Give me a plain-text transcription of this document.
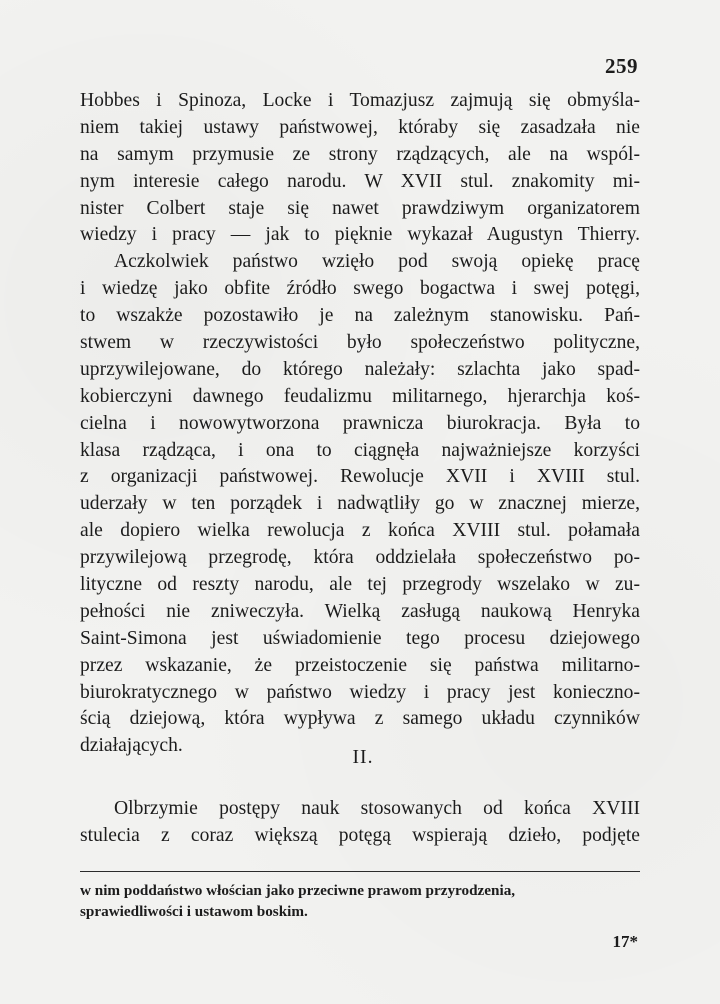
259
Hobbes i Spinoza, Locke i Tomazjusz zajmują się obmyśla-
niem takiej ustawy państwowej, któraby się zasadzała nie
na samym przymusie ze strony rządzących, ale na wspól-
nym interesie całego narodu. W XVII stul. znakomity mi-
nister Colbert staje się nawet prawdziwym organizatorem
wiedzy i pracy — jak to pięknie wykazał Augustyn Thierry.
Aczkolwiek państwo wzięło pod swoją opiekę pracę
i wiedzę jako obfite źródło swego bogactwa i swej potęgi,
to wszakże pozostawiło je na zależnym stanowisku. Pań-
stwem w rzeczywistości było społeczeństwo polityczne,
uprzywilejowane, do którego należały: szlachta jako spad-
kobierczyni dawnego feudalizmu militarnego, hjerarchja koś-
cielna i nowowytworzona prawnicza biurokracja. Była to
klasa rządząca, i ona to ciągnęła najważniejsze korzyści
z organizacji państwowej. Rewolucje XVII i XVIII stul.
uderzały w ten porządek i nadwątliły go w znacznej mierze,
ale dopiero wielka rewolucja z końca XVIII stul. połamała
przywilejową przegrodę, która oddzielała społeczeństwo po-
lityczne od reszty narodu, ale tej przegrody wszelako w zu-
pełności nie zniweczyła. Wielką zasługą naukową Henryka
Saint-Simona jest uświadomienie tego procesu dziejowego
przez wskazanie, że przeistoczenie się państwa militarno-
biurokratycznego w państwo wiedzy i pracy jest konieczno-
ścią dziejową, która wypływa z samego układu czynników
działających.
II.
Olbrzymie postępy nauk stosowanych od końca XVIII
stulecia z coraz większą potęgą wspierają dzieło, podjęte
w nim poddaństwo włościan jako przeciwne prawom przyrodzenia,
sprawiedliwości i ustawom boskim.
17*
